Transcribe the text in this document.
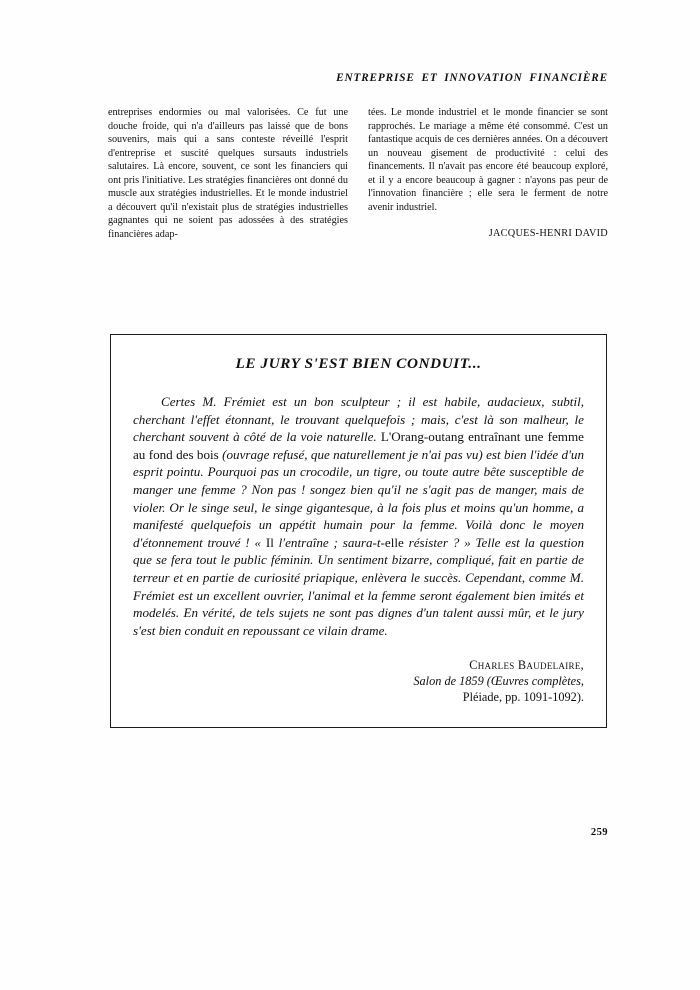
ENTREPRISE ET INNOVATION FINANCIÈRE

entreprises endormies ou mal valorisées. Ce fut une douche froide, qui n'a d'ailleurs pas laissé que de bons souvenirs, mais qui a sans conteste réveillé l'esprit d'entreprise et suscité quelques sursauts industriels salutaires. Là encore, souvent, ce sont les financiers qui ont pris l'initiative. Les stratégies financières ont donné du muscle aux stratégies industrielles. Et le monde industriel a découvert qu'il n'existait plus de stratégies industrielles gagnantes qui ne soient pas adossées à des stratégies financières adap-

tées. Le monde industriel et le monde financier se sont rapprochés. Le mariage a même été consommé. C'est un fantastique acquis de ces dernières années. On a découvert un nouveau gisement de productivité : celui des financements. Il n'avait pas encore été beaucoup exploré, et il y a encore beaucoup à gagner : n'ayons pas peur de l'innovation financière ; elle sera le ferment de notre avenir industriel.

JACQUES-HENRI DAVID
LE JURY S'EST BIEN CONDUIT...
Certes M. Frémiet est un bon sculpteur ; il est habile, audacieux, subtil, cherchant l'effet étonnant, le trouvant quelquefois ; mais, c'est là son malheur, le cherchant souvent à côté de la voie naturelle. L'Orang-outang entraînant une femme au fond des bois (ouvrage refusé, que naturellement je n'ai pas vu) est bien l'idée d'un esprit pointu. Pourquoi pas un crocodile, un tigre, ou toute autre bête susceptible de manger une femme ? Non pas ! songez bien qu'il ne s'agit pas de manger, mais de violer. Or le singe seul, le singe gigantesque, à la fois plus et moins qu'un homme, a manifesté quelquefois un appétit humain pour la femme. Voilà donc le moyen d'étonnement trouvé ! « Il l'entraîne ; saura-t-elle résister ? » Telle est la question que se fera tout le public féminin. Un sentiment bizarre, compliqué, fait en partie de terreur et en partie de curiosité priapique, enlèvera le succès. Cependant, comme M. Frémiet est un excellent ouvrier, l'animal et la femme seront également bien imités et modelés. En vérité, de tels sujets ne sont pas dignes d'un talent aussi mûr, et le jury s'est bien conduit en repoussant ce vilain drame.
Charles Baudelaire,
Salon de 1859 (Œuvres complètes,
Pléiade, pp. 1091-1092).
259
